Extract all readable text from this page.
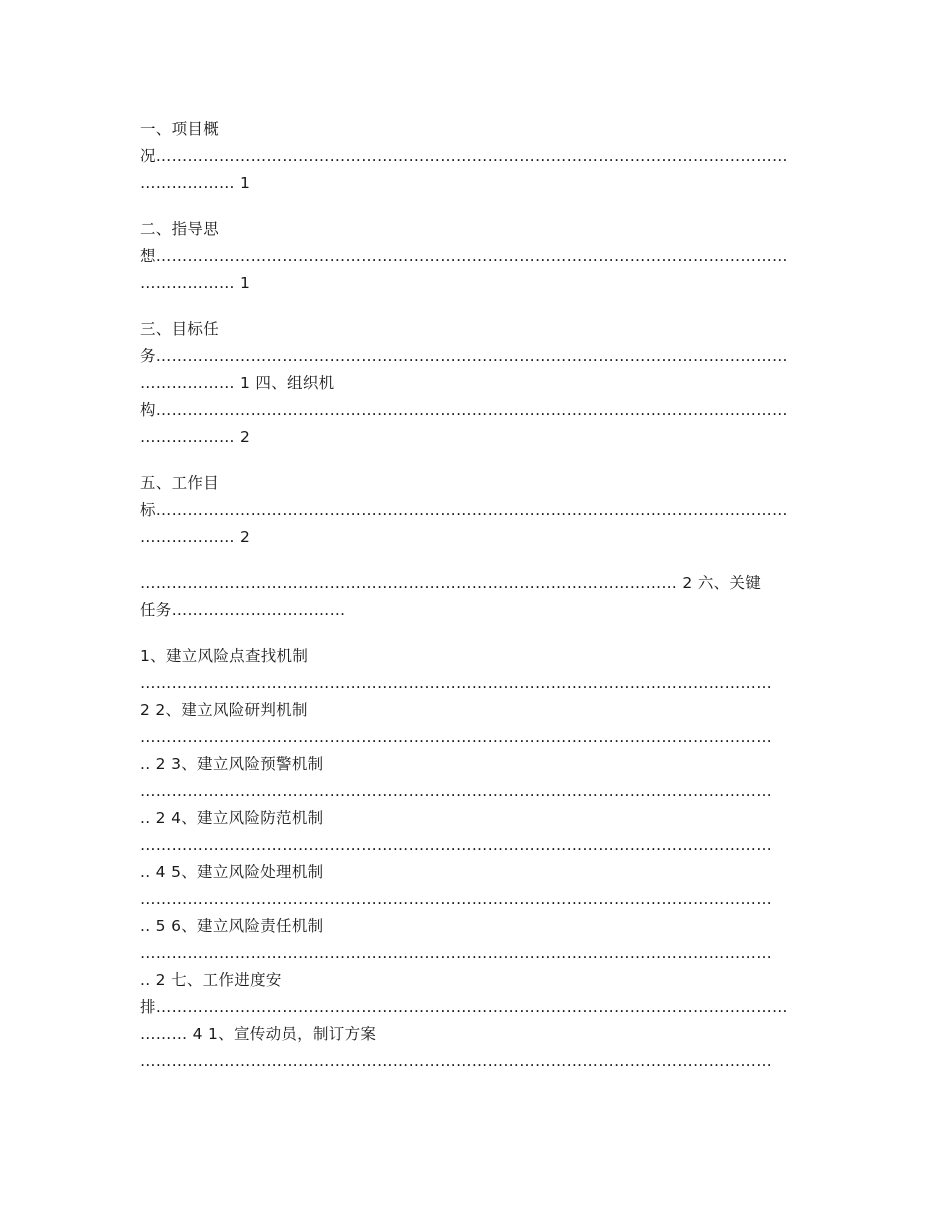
一、项目概

况…………………………………………………………………………………………………………

……………… 1

二、指导思

想…………………………………………………………………………………………………………

……………… 1

三、目标任

务…………………………………………………………………………………………………………

……………… 1 四、组织机

构…………………………………………………………………………………………………………

……………… 2

五、工作目

标…………………………………………………………………………………………………………

……………… 2

………………………………………………………………………………………… 2 六、关键

任务……………………………

1、建立风险点查找机制

…………………………………………………………………………………………………………

2 2、建立风险研判机制

…………………………………………………………………………………………………………

.. 2 3、建立风险预警机制

…………………………………………………………………………………………………………

.. 2 4、建立风险防范机制

…………………………………………………………………………………………………………

.. 4 5、建立风险处理机制

…………………………………………………………………………………………………………

.. 5 6、建立风险责任机制

…………………………………………………………………………………………………………

.. 2 七、工作进度安

排…………………………………………………………………………………………………………

……… 4 1、宣传动员，制订方案

…………………………………………………………………………………………………………
